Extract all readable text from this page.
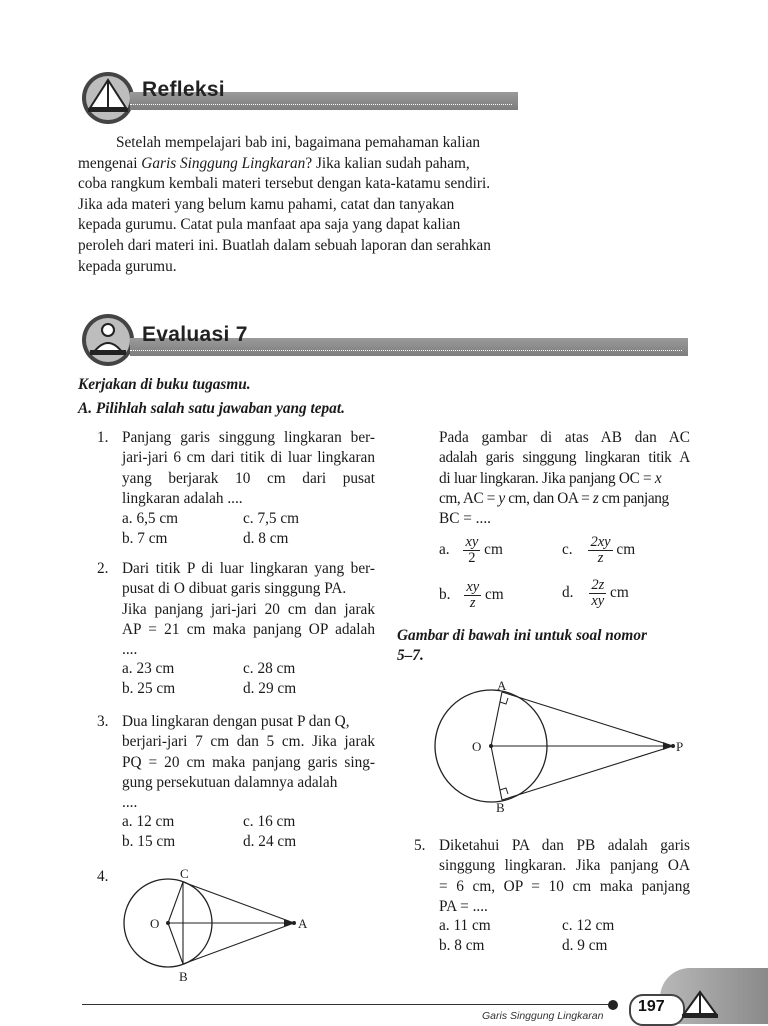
Refleksi
Setelah mempelajari bab ini, bagaimana pemahaman kalian
mengenai Garis Singgung Lingkaran? Jika kalian sudah paham,
coba rangkum kembali materi tersebut dengan kata-katamu sendiri.
Jika ada materi yang belum kamu pahami, catat dan tanyakan
kepada gurumu. Catat pula manfaat apa saja yang dapat kalian
peroleh dari materi ini. Buatlah dalam sebuah laporan dan serahkan
kepada gurumu.
Evaluasi 7
Kerjakan di buku tugasmu.
A. Pilihlah salah satu jawaban yang tepat.
1. Panjang garis singgung lingkaran ber-
jari-jari 6 cm dari titik di luar lingkaran
yang berjarak 10 cm dari pusat
lingkaran adalah ....
a. 6,5 cm	c. 7,5 cm
b. 7 cm	d. 8 cm
2. Dari titik P di luar lingkaran yang ber-
pusat di O dibuat garis singgung PA.
Jika panjang jari-jari 20 cm dan jarak
AP = 21 cm maka panjang OP adalah
....
a. 23 cm	c. 28 cm
b. 25 cm	d. 29 cm
3. Dua lingkaran dengan pusat P dan Q,
berjari-jari 7 cm dan 5 cm. Jika jarak
PQ = 20 cm maka panjang garis sing-
gung persekutuan dalamnya adalah
....
a. 12 cm	c. 16 cm
b. 15 cm	d. 24 cm
4.	C
O	A
B
Pada gambar di atas AB dan AC
adalah garis singgung lingkaran titik A
di luar lingkaran. Jika panjang OC = x
cm, AC = y cm, dan OA = z cm panjang
BC = ....
a. $\frac{xy}{2}$ cm	c. $\frac{2xy}{z}$ cm
b. $\frac{xy}{z}$ cm	d. $\frac{2z}{xy}$ cm
Gambar di bawah ini untuk soal nomor
5–7.
A
O	P
B
5. Diketahui PA dan PB adalah garis
singgung lingkaran. Jika panjang OA
= 6 cm, OP = 10 cm maka panjang
PA = ....
a. 11 cm	c. 12 cm
b. 8 cm	d. 9 cm
Garis Singgung Lingkaran
197
